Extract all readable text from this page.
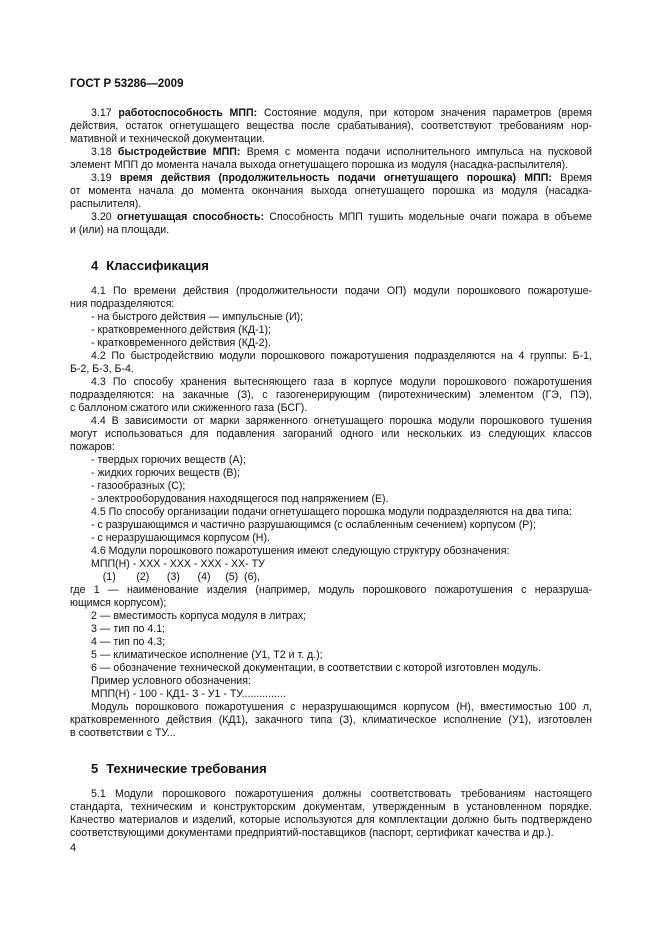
ГОСТ Р 53286—2009
3.17 работоспособность МПП: Состояние модуля, при котором значения параметров (время
действия, остаток огнетушащего вещества после срабатывания), соответствуют требованиям нор-
мативной и технической документации.
3.18 быстродействие МПП: Время с момента подачи исполнительного импульса на пусковой
элемент МПП до момента начала выхода огнетушащего порошка из модуля (насадка-распылителя).
3.19 время действия (продолжительность подачи огнетушащего порошка) МПП: Время
от момента начала до момента окончания выхода огнетушащего порошка из модуля (насадка-
распылителя).
3.20 огнетушащая способность: Способность МПП тушить модельные очаги пожара в объеме
и (или) на площади.
4 Классификация
4.1 По времени действия (продолжительности подачи ОП) модули порошкового пожаротуше-
ния подразделяются:
- на быстрого действия — импульсные (И);
- кратковременного действия (КД-1);
- кратковременного действия (КД-2).
4.2 По быстродействию модули порошкового пожаротушения подразделяются на 4 группы: Б-1,
Б-2, Б-3, Б-4.
4.3 По способу хранения вытесняющего газа в корпусе модули порошкового пожаротушения
подразделяются: на закачные (З), с газогенерирующим (пиротехническим) элементом (ГЭ, ПЭ),
с баллоном сжатого или сжиженного газа (БСГ).
4.4 В зависимости от марки заряженного огнетушащего порошка модули порошкового тушения
могут использоваться для подавления загораний одного или нескольких из следующих классов
пожаров:
- твердых горючих веществ (А);
- жидких горючих веществ (В);
- газообразных (С);
- электрооборудования находящегося под напряжением (Е).
4.5 По способу организации подачи огнетушащего порошка модули подразделяются на два типа:
- с разрушающимся и частично разрушающимся (с ослабленным сечением) корпусом (Р);
- с неразрушающимся корпусом (Н).
4.6 Модули порошкового пожаротушения имеют следующую структуру обозначения:
МПП(Н) - ХХХ - ХХХ - ХХХ - ХХ- ТУ
(1)       (2)      (3)      (4)     (5)  (6),
где 1 — наименование изделия (например, модуль порошкового пожаротушения с неразруша-
ющимся корпусом);
2 — вместимость корпуса модуля в литрах;
3 — тип по 4.1;
4 — тип по 4.3;
5 — климатическое исполнение (У1, Т2 и т. д.);
6 — обозначение технической документации, в соответствии с которой изготовлен модуль.
Пример условного обозначения:
МПП(Н) - 100 - КД1- З - У1 - ТУ...............
Модуль порошкового пожаротушения с неразрушающимся корпусом (Н), вместимостью 100 л,
кратковременного действия (КД1), закачного типа (З), климатическое исполнение (У1), изготовлен
в соответствии с ТУ...
5 Технические требования
5.1 Модули порошкового пожаротушения должны соответствовать требованиям настоящего
стандарта, техническим и конструкторским документам, утвержденным в установленном порядке.
Качество материалов и изделий, которые используются для комплектации должно быть подтверждено
соответствующими документами предприятий-поставщиков (паспорт, сертификат качества и др.).
4
